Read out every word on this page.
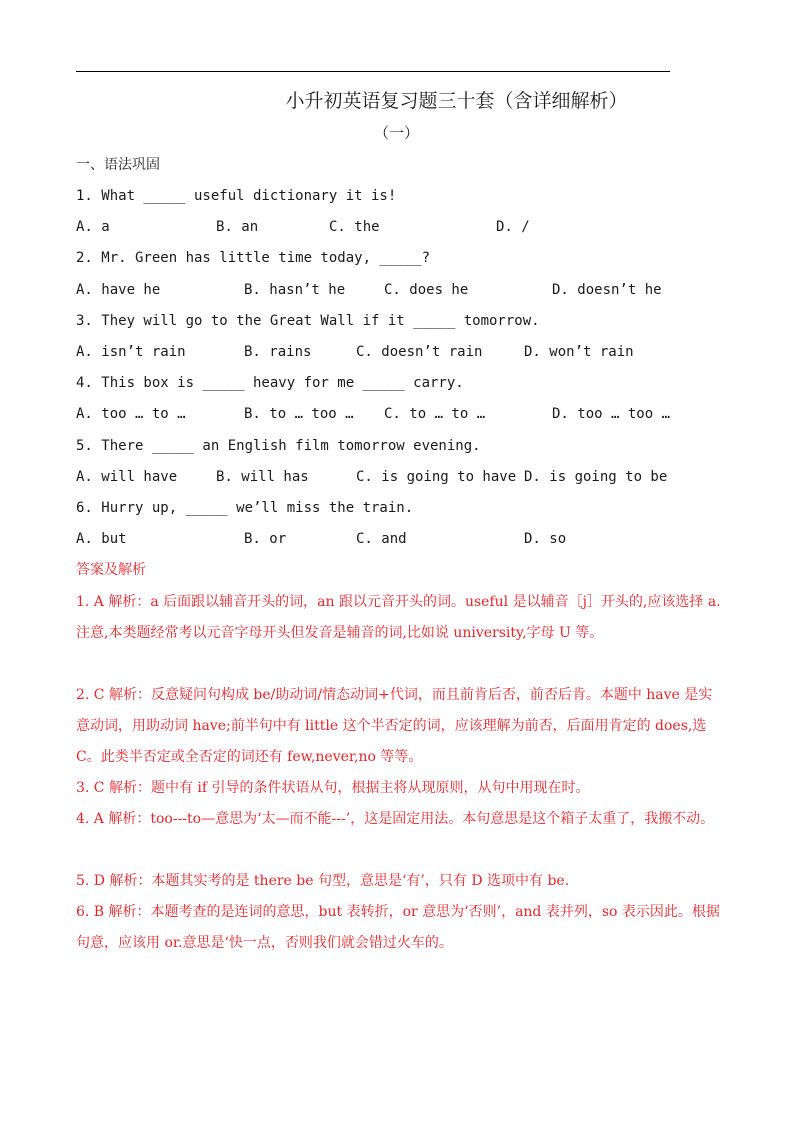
小升初英语复习题三十套（含详细解析）
（一）
一、语法巩固
1. What _____ useful dictionary it is!
A. a	B. an	C. the	D. /
2. Mr. Green has little time today, _____?
A. have he	B. hasn’t he	C. does he	D. doesn’t he
3. They will go to the Great Wall if it _____ tomorrow.
A. isn’t rain	B. rains	C. doesn’t rain	D. won’t rain
4. This box is _____ heavy for me _____ carry.
A. too … to …	B. to … too … C. to … to …	D. too … too …
5. There _____ an English film tomorrow evening.
A. will have	B. will has	C. is going to have D. is going to be
6. Hurry up, _____ we’ll miss the train.
A. but	B. or	C. and	D. so
答案及解析
1. A 解析：a 后面跟以辅音开头的词，an 跟以元音开头的词。useful 是以辅音［j］开头的,应该选择 a. 注意,本类题经常考以元音字母开头但发音是辅音的词,比如说 university,字母 U 等。
2. C 解析：反意疑问句构成 be/助动词/情态动词+代词，而且前肯后否，前否后肯。本题中 have 是实意动词，用助动词 have;前半句中有 little 这个半否定的词，应该理解为前否，后面用肯定的 does,选 C。此类半否定或全否定的词还有 few,never,no 等等。
3. C 解析：题中有 if 引导的条件状语从句，根据主将从现原则，从句中用现在时。
4. A 解析：too---to—意思为‘太—而不能---’，这是固定用法。本句意思是这个箱子太重了，我搬不动。
5. D 解析：本题其实考的是 there be 句型，意思是‘有’，只有 D 选项中有 be.
6. B 解析：本题考查的是连词的意思，but 表转折，or 意思为‘否则’，and 表并列，so 表示因此。根据句意，应该用 or.意思是‘快一点，否则我们就会错过火车的。
